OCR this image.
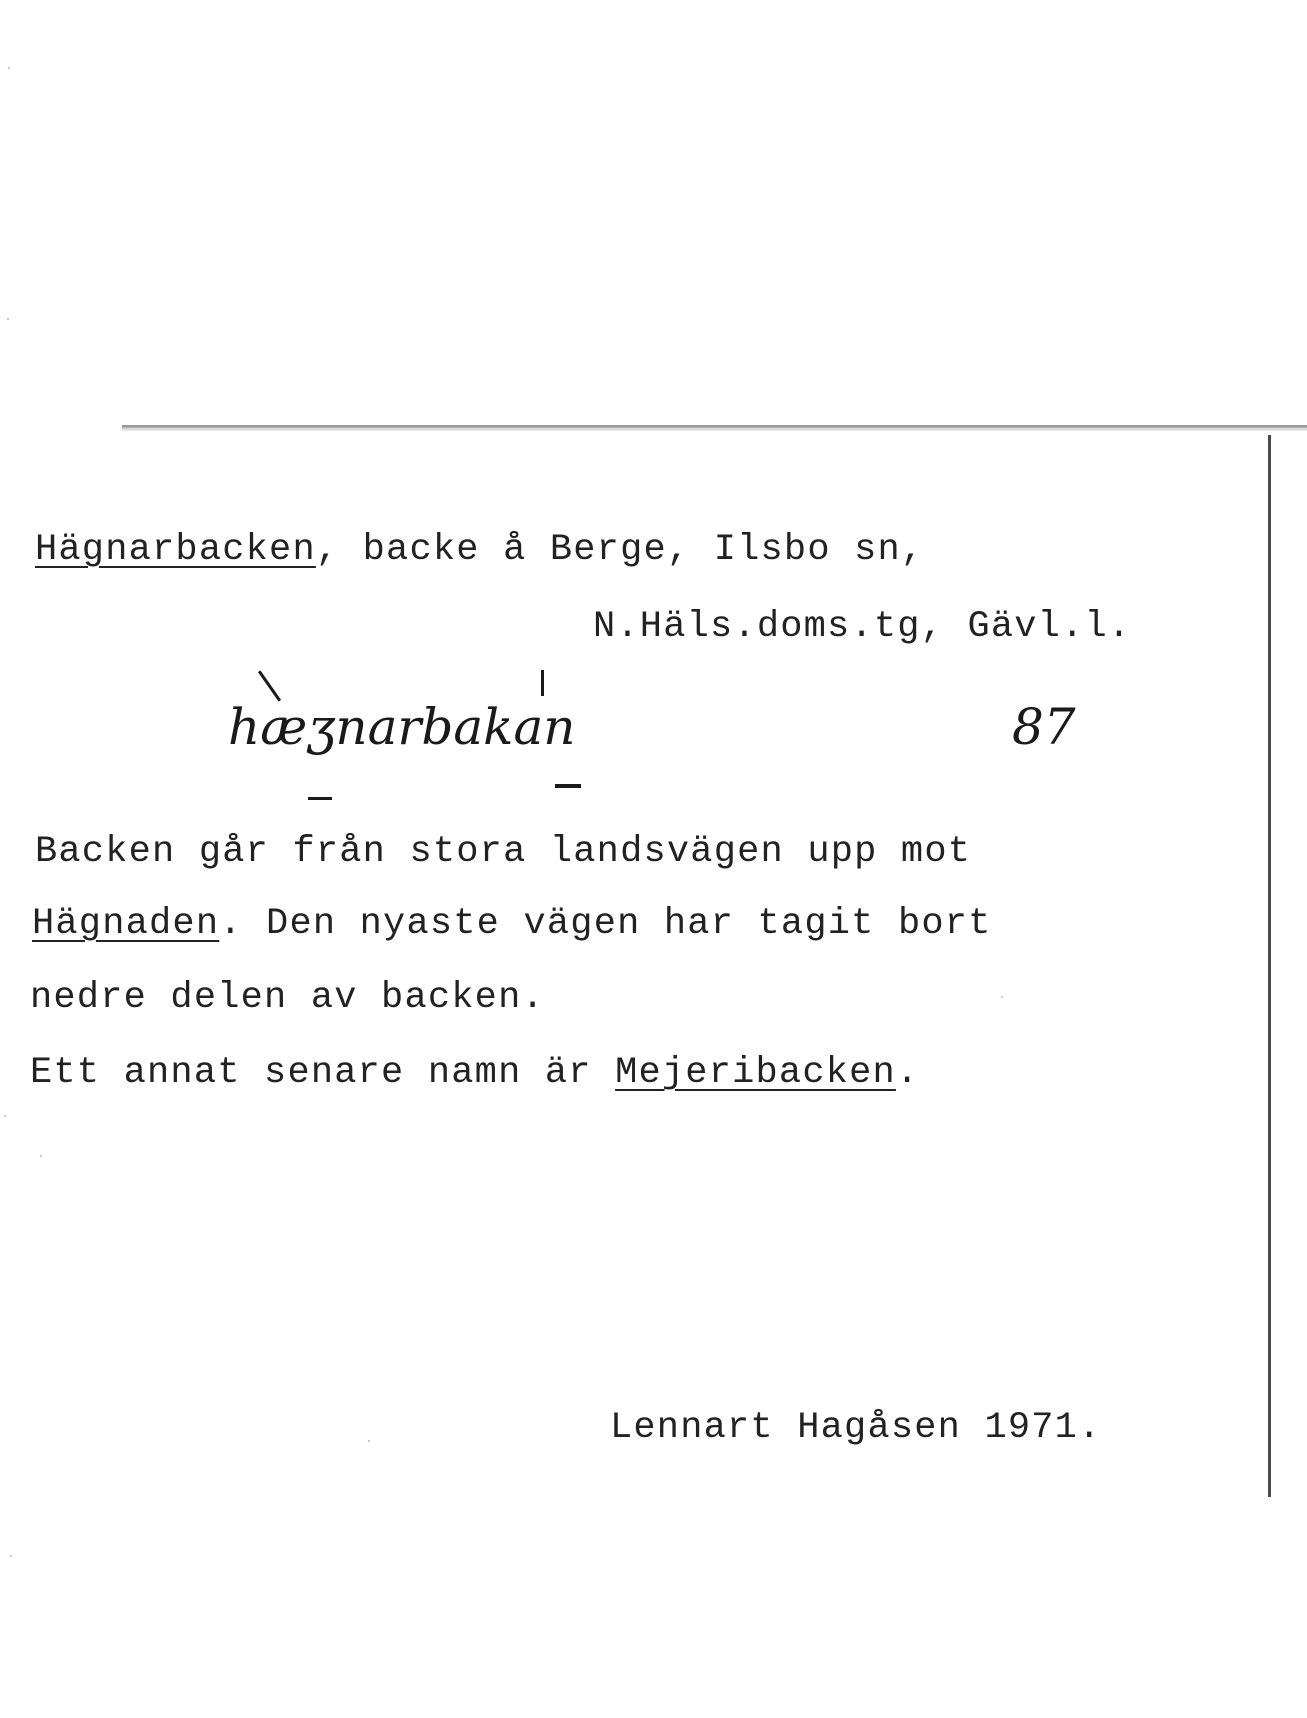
Hägnarbacken, backe å Berge, Ilsbo sn,
N.Häls.doms.tg, Gävl.l.
hæʒnarbakan	87
Backen går från stora landsvägen upp mot
Hägnaden. Den nyaste vägen har tagit bort
nedre delen av backen.
Ett annat senare namn är Mejeribacken.
Lennart Hagåsen 1971.
